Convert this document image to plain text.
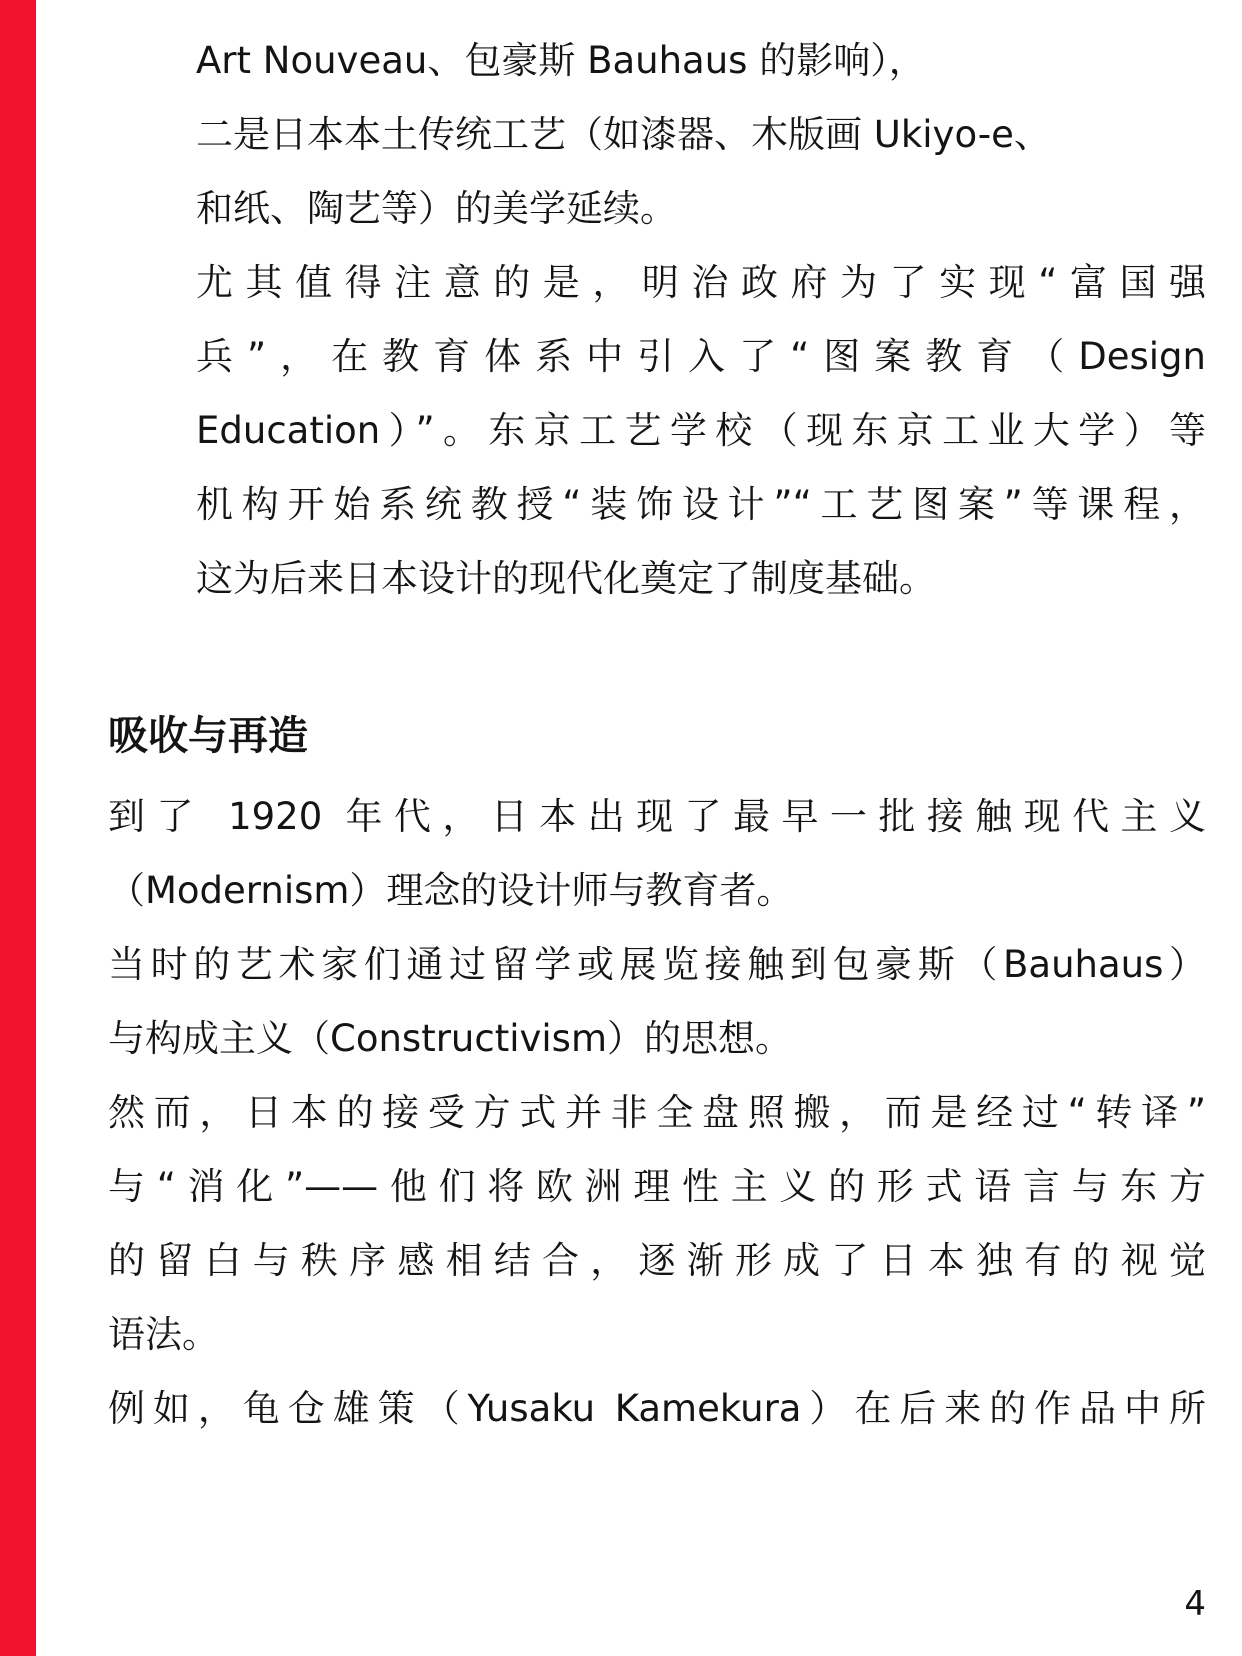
Art Nouveau、包豪斯 Bauhaus 的影响），
二是日本本土传统工艺（如漆器、木版画 Ukiyo-e、
和纸、陶艺等）的美学延续。
尤其值得注意的是，明治政府为了实现“富国强
兵”，在教育体系中引入了“图案教育（Design
Education）”。东京工艺学校（现东京工业大学）等
机构开始系统教授“装饰设计”“工艺图案”等课程，
这为后来日本设计的现代化奠定了制度基础。
吸收与再造
到了 1920 年代，日本出现了最早一批接触现代主义
（Modernism）理念的设计师与教育者。
当时的艺术家们通过留学或展览接触到包豪斯（Bauhaus）
与构成主义（Constructivism）的思想。
然而，日本的接受方式并非全盘照搬，而是经过“转译”
与“消化”——他们将欧洲理性主义的形式语言与东方
的留白与秩序感相结合，逐渐形成了日本独有的视觉
语法。
例如，龟仓雄策（Yusaku Kamekura）在后来的作品中所
4
